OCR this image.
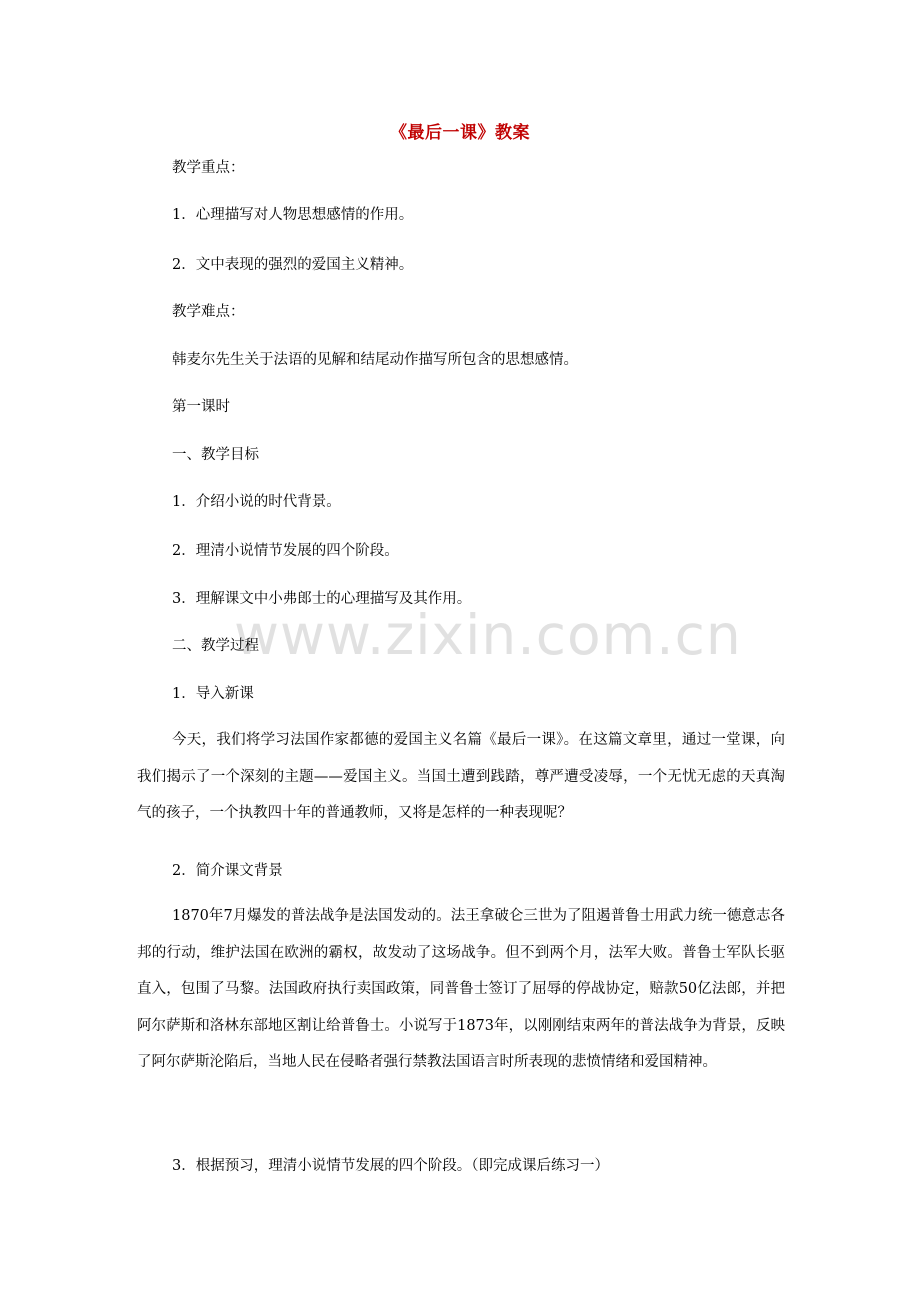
www.zixin.com.cn
《最后一课》教案
教学重点：
1．心理描写对人物思想感情的作用。
2．文中表现的强烈的爱国主义精神。
教学难点：
韩麦尔先生关于法语的见解和结尾动作描写所包含的思想感情。
第一课时
一、教学目标
1．介绍小说的时代背景。
2．理清小说情节发展的四个阶段。
3．理解课文中小弗郎士的心理描写及其作用。
二、教学过程
1．导入新课
今天，我们将学习法国作家都德的爱国主义名篇《最后一课》。在这篇文章里，通过一堂课，向我们揭示了一个深刻的主题——爱国主义。当国土遭到践踏，尊严遭受凌辱，一个无忧无虑的天真淘气的孩子，一个执教四十年的普通教师，又将是怎样的一种表现呢？
2．简介课文背景
1870年7月爆发的普法战争是法国发动的。法王拿破仑三世为了阻遏普鲁士用武力统一德意志各邦的行动，维护法国在欧洲的霸权，故发动了这场战争。但不到两个月，法军大败。普鲁士军队长驱直入，包围了马黎。法国政府执行卖国政策，同普鲁士签订了屈辱的停战协定，赔款50亿法郎，并把阿尔萨斯和洛林东部地区割让给普鲁士。小说写于1873年，以刚刚结束两年的普法战争为背景，反映了阿尔萨斯沦陷后，当地人民在侵略者强行禁教法国语言时所表现的悲愤情绪和爱国精神。
3．根据预习，理清小说情节发展的四个阶段。（即完成课后练习一）
